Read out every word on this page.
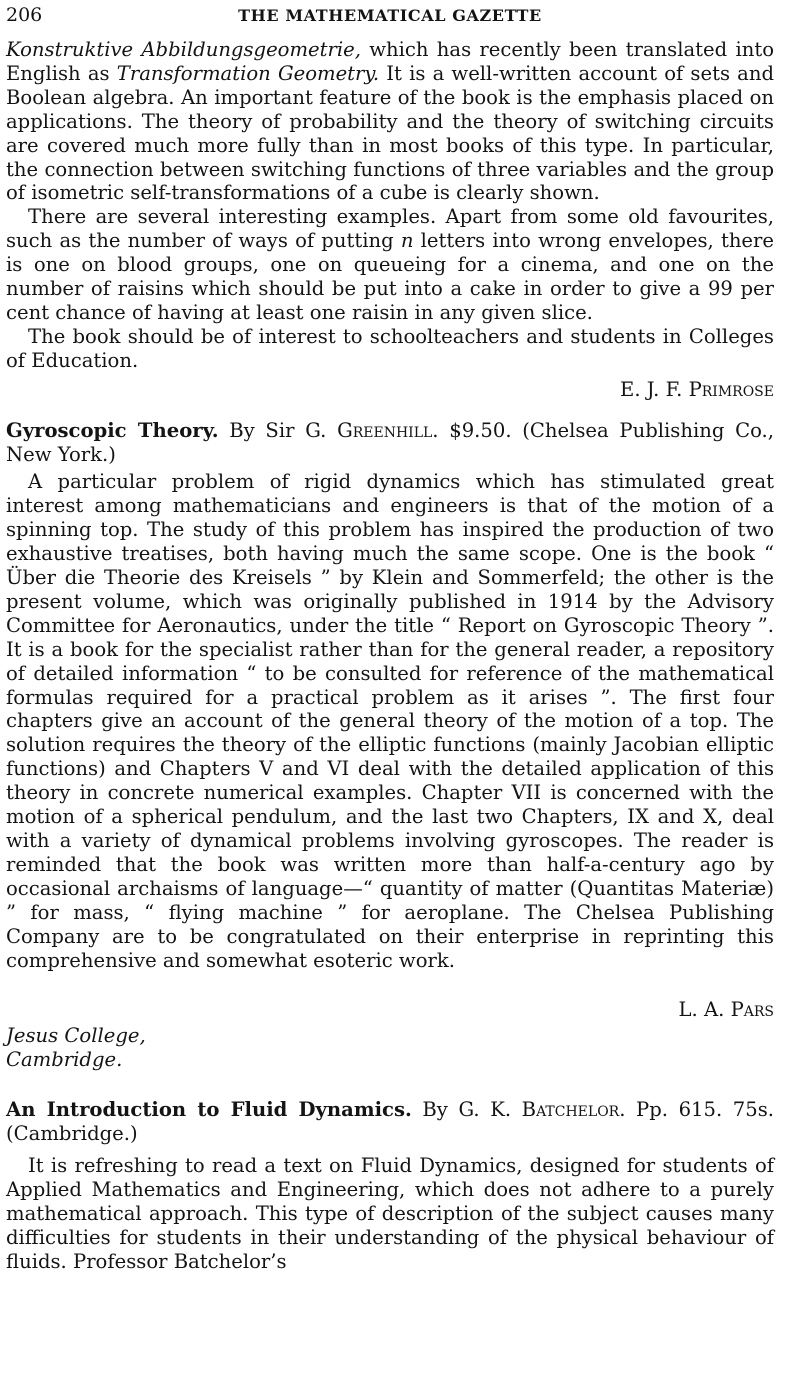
206	THE MATHEMATICAL GAZETTE

Konstruktive Abbildungsgeometrie, which has recently been translated into English as Transformation Geometry. It is a well-written account of sets and Boolean algebra. An important feature of the book is the emphasis placed on applications. The theory of probability and the theory of switching circuits are covered much more fully than in most books of this type. In particular, the connection between switching functions of three variables and the group of isometric self-transformations of a cube is clearly shown.

There are several interesting examples. Apart from some old favourites, such as the number of ways of putting n letters into wrong envelopes, there is one on blood groups, one on queueing for a cinema, and one on the number of raisins which should be put into a cake in order to give a 99 per cent chance of having at least one raisin in any given slice.

The book should be of interest to schoolteachers and students in Colleges of Education.

E. J. F. Primrose

Gyroscopic Theory. By Sir G. Greenhill. $9.50. (Chelsea Publishing Co., New York.)

A particular problem of rigid dynamics which has stimulated great interest among mathematicians and engineers is that of the motion of a spinning top. The study of this problem has inspired the production of two exhaustive treatises, both having much the same scope. One is the book “ Über die Theorie des Kreisels ” by Klein and Sommerfeld; the other is the present volume, which was originally published in 1914 by the Advisory Committee for Aeronautics, under the title “ Report on Gyroscopic Theory ”. It is a book for the specialist rather than for the general reader, a repository of detailed information “ to be consulted for reference of the mathematical formulas required for a practical problem as it arises ”. The first four chapters give an account of the general theory of the motion of a top. The solution requires the theory of the elliptic functions (mainly Jacobian elliptic functions) and Chapters V and VI deal with the detailed application of this theory in concrete numerical examples. Chapter VII is concerned with the motion of a spherical pendulum, and the last two Chapters, IX and X, deal with a variety of dynamical problems involving gyroscopes. The reader is reminded that the book was written more than half-a-century ago by occasional archaisms of language—“ quantity of matter (Quantitas Materiæ) ” for mass, “ flying machine ” for aeroplane. The Chelsea Publishing Company are to be congratulated on their enterprise in reprinting this comprehensive and somewhat esoteric work.

L. A. Pars

Jesus College,

Cambridge.

An Introduction to Fluid Dynamics. By G. K. Batchelor. Pp. 615. 75s. (Cambridge.)

It is refreshing to read a text on Fluid Dynamics, designed for students of Applied Mathematics and Engineering, which does not adhere to a purely mathematical approach. This type of description of the subject causes many difficulties for students in their understanding of the physical behaviour of fluids. Professor Batchelor’s
